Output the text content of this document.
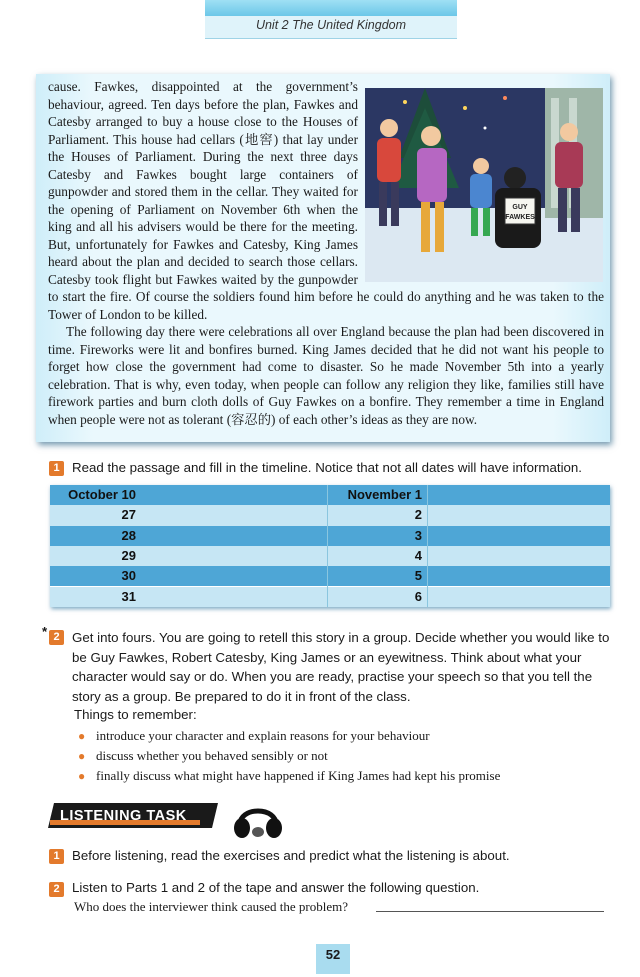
Unit 2 The United Kingdom

cause. Fawkes, disappointed at the government’s behaviour, agreed. Ten days before the plan, Fawkes and Catesby arranged to buy a house close to the Houses of Parliament. This house had cellars (地窖) that lay under the Houses of Parliament. During the next three days Catesby and Fawkes bought large containers of gunpowder and stored them in the cellar. They waited for the opening of Parliament on November 6th when the king and all his advisers would be there for the meeting. But, unfortunately for Fawkes and Catesby, King James heard about the plan and decided to search those cellars. Catesby took flight but Fawkes waited by the gunpowder to start the fire. Of course the soldiers found him before he could do anything and he was taken to the Tower of London to be killed.

The following day there were celebrations all over England because the plan had been discovered in time. Fireworks were lit and bonfires burned. King James decided that he did not want his people to forget how close the government had come to disaster. So he made November 5th into a yearly celebration. That is why, even today, when people can follow any religion they like, families still have firework parties and burn cloth dolls of Guy Fawkes on a bonfire. They remember a time in England when people were not as tolerant (容忍的) of each other’s ideas as they are now.

GUY
FAWKES
1 Read the passage and fill in the timeline. Notice that not all dates will have information.
October 10
27
28
29
30
31
November 1
2
3
4
5
6
* 2 Get into fours. You are going to retell this story in a group. Decide whether you would like to be Guy Fawkes, Robert Catesby, King James or an eyewitness. Think about what your character would say or do. When you are ready, practise your speech so that you tell the story as a group. Be prepared to do it in front of the class.
Things to remember:
● introduce your character and explain reasons for your behaviour
● discuss whether you behaved sensibly or not
● finally discuss what might have happened if King James had kept his promise
LISTENING TASK
1 Before listening, read the exercises and predict what the listening is about.
2 Listen to Parts 1 and 2 of the tape and answer the following question.
Who does the interviewer think caused the problem?
52
